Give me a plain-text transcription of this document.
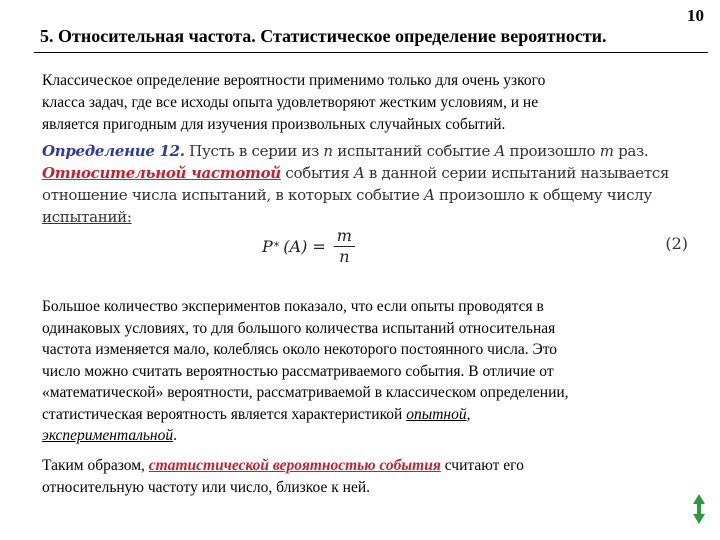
10
5. Относительная частота. Статистическое определение вероятности.
Классическое определение вероятности применимо только для очень узкого
класса задач, где все исходы опыта удовлетворяют жестким условиям, и не
является пригодным для изучения произвольных случайных событий.
Определение 12. Пусть в серии из n испытаний событие A произошло m раз.
Относительной частотой события A в данной серии испытаний называется
отношение числа испытаний, в которых событие A произошло к общему числу
испытаний:
$P * (A) = \frac{m}{n}$	(2)
Большое количество экспериментов показало, что если опыты проводятся в
одинаковых условиях, то для большого количества испытаний относительная
частота изменяется мало, колеблясь около некоторого постоянного числа. Это
число можно считать вероятностью рассматриваемого события. В отличие от
«математической» вероятности, рассматриваемой в классическом определении,
статистическая вероятность является характеристикой опытной,
экспериментальной.
Таким образом, статистической вероятностью события считают его
относительную частоту или число, близкое к ней.
